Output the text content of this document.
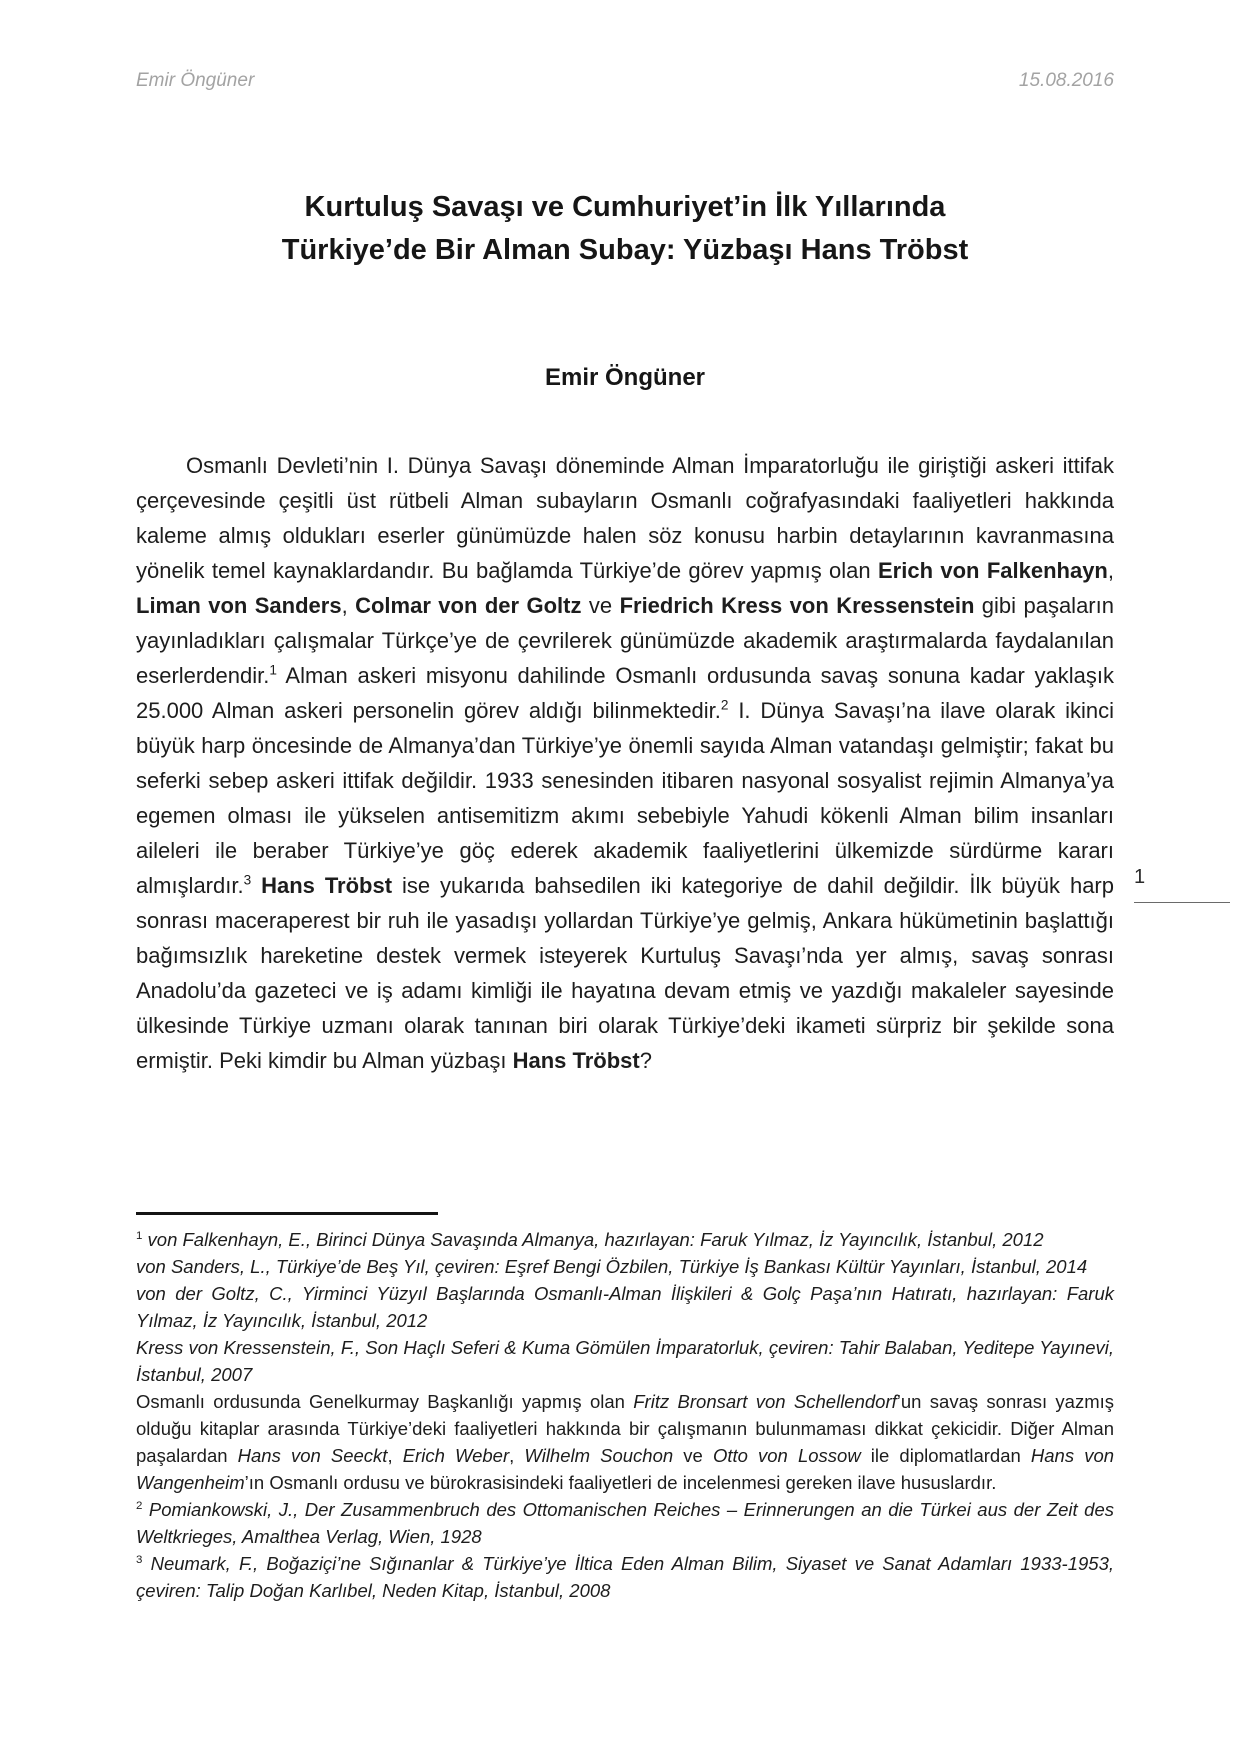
Emir Öngüner	15.08.2016
Kurtuluş Savaşı ve Cumhuriyet’in İlk Yıllarında
Türkiye’de Bir Alman Subay: Yüzbaşı Hans Tröbst
Emir Öngüner

Osmanlı Devleti’nin I. Dünya Savaşı döneminde Alman İmparatorluğu ile giriştiği askeri ittifak çerçevesinde çeşitli üst rütbeli Alman subayların Osmanlı coğrafyasındaki faaliyetleri hakkında kaleme almış oldukları eserler günümüzde halen söz konusu harbin detaylarının kavranmasına yönelik temel kaynaklardandır. Bu bağlamda Türkiye’de görev yapmış olan Erich von Falkenhayn, Liman von Sanders, Colmar von der Goltz ve Friedrich Kress von Kressenstein gibi paşaların yayınladıkları çalışmalar Türkçe’ye de çevrilerek günümüzde akademik araştırmalarda faydalanılan eserlerdendir.$^1$ Alman askeri misyonu dahilinde Osmanlı ordusunda savaş sonuna kadar yaklaşık 25.000 Alman askeri personelin görev aldığı bilinmektedir.$^2$ I. Dünya Savaşı’na ilave olarak ikinci büyük harp öncesinde de Almanya’dan Türkiye’ye önemli sayıda Alman vatandaşı gelmiştir; fakat bu seferki sebep askeri ittifak değildir. 1933 senesinden itibaren nasyonal sosyalist rejimin Almanya’ya egemen olması ile yükselen antisemitizm akımı sebebiyle Yahudi kökenli Alman bilim insanları aileleri ile beraber Türkiye’ye göç ederek akademik faaliyetlerini ülkemizde sürdürme kararı almışlardır.$^3$ Hans Tröbst ise yukarıda bahsedilen iki kategoriye de dahil değildir. İlk büyük harp sonrası maceraperest bir ruh ile yasadışı yollardan Türkiye’ye gelmiş, Ankara hükümetinin başlattığı bağımsızlık hareketine destek vermek isteyerek Kurtuluş Savaşı’nda yer almış, savaş sonrası Anadolu’da gazeteci ve iş adamı kimliği ile hayatına devam etmiş ve yazdığı makaleler sayesinde ülkesinde Türkiye uzmanı olarak tanınan biri olarak Türkiye’deki ikameti sürpriz bir şekilde sona ermiştir. Peki kimdir bu Alman yüzbaşı Hans Tröbst?

1

$^1$ von Falkenhayn, E., Birinci Dünya Savaşında Almanya, hazırlayan: Faruk Yılmaz, İz Yayıncılık, İstanbul, 2012
von Sanders, L., Türkiye’de Beş Yıl, çeviren: Eşref Bengi Özbilen, Türkiye İş Bankası Kültür Yayınları, İstanbul, 2014
von der Goltz, C., Yirminci Yüzyıl Başlarında Osmanlı-Alman İlişkileri & Golç Paşa’nın Hatıratı, hazırlayan: Faruk Yılmaz, İz Yayıncılık, İstanbul, 2012
Kress von Kressenstein, F., Son Haçlı Seferi & Kuma Gömülen İmparatorluk, çeviren: Tahir Balaban, Yeditepe Yayınevi, İstanbul, 2007
Osmanlı ordusunda Genelkurmay Başkanlığı yapmış olan Fritz Bronsart von Schellendorf’un savaş sonrası yazmış olduğu kitaplar arasında Türkiye’deki faaliyetleri hakkında bir çalışmanın bulunmaması dikkat çekicidir. Diğer Alman paşalardan Hans von Seeckt, Erich Weber, Wilhelm Souchon ve Otto von Lossow ile diplomatlardan Hans von Wangenheim’ın Osmanlı ordusu ve bürokrasisindeki faaliyetleri de incelenmesi gereken ilave hususlardır.

$^2$ Pomiankowski, J., Der Zusammenbruch des Ottomanischen Reiches – Erinnerungen an die Türkei aus der Zeit des Weltkrieges, Amalthea Verlag, Wien, 1928

$^3$ Neumark, F., Boğaziçi’ne Sığınanlar & Türkiye’ye İltica Eden Alman Bilim, Siyaset ve Sanat Adamları 1933-1953, çeviren: Talip Doğan Karlıbel, Neden Kitap, İstanbul, 2008
